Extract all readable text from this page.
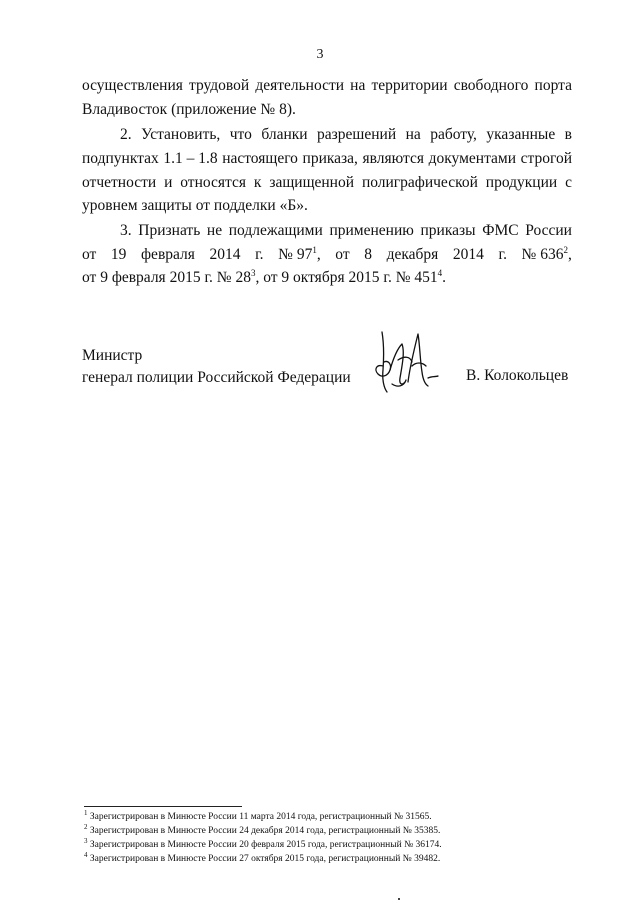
3
осуществления трудовой деятельности на территории свободного порта
Владивосток (приложение № 8).
2. Установить, что бланки разрешений на работу, указанные в
подпунктах 1.1 – 1.8 настоящего приказа, являются документами строгой
отчетности и относятся к защищенной полиграфической продукции с
уровнем защиты от подделки «Б».
3. Признать не подлежащими применению приказы ФМС России
от 19 февраля 2014 г. № $97^1$, от 8 декабря 2014 г. № $636^2$,
от 9 февраля 2015 г. № $28^3$, от 9 октября 2015 г. № $451^4$.
Министр
генерал полиции Российской Федерации	В. Колокольцев
$^1$ Зарегистрирован в Минюсте России 11 марта 2014 года, регистрационный № 31565.
$^2$ Зарегистрирован в Минюсте России 24 декабря 2014 года, регистрационный № 35385.
$^3$ Зарегистрирован в Минюсте России 20 февраля 2015 года, регистрационный № 36174.
$^4$ Зарегистрирован в Минюсте России 27 октября 2015 года, регистрационный № 39482.
